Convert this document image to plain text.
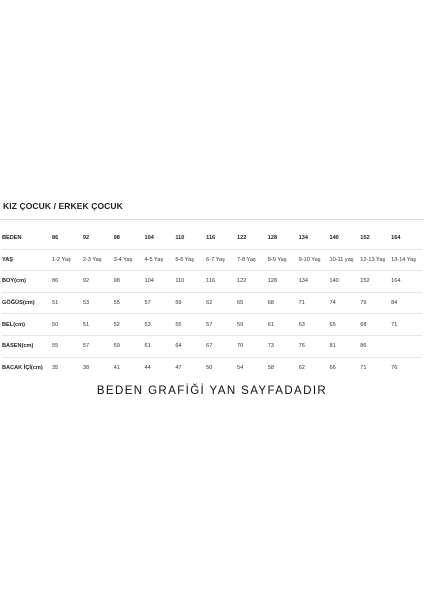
KIZ ÇOCUK / ERKEK ÇOCUK
BEDEN	86	92	98	104	110	116	122	128	134	140	152	164
YAŞ	1-2 Yaş	2-3 Yaş	3-4 Yaş	4-5 Yaş	5-6 Yaş	6-7 Yaş	7-8 Yaş	8-9 Yaş	9-10 Yaş	10-11 yaş	12-13 Yaş	13-14 Yaş
BOY(cm)	86	92	98	104	110	116	122	128	134	140	152	164
GÖĞÜS(cm)	51	53	55	57	59	62	65	68	71	74	79	84
BEL(cm)	50	51	52	53	55	57	59	61	63	65	68	71
BASEN(cm)	55	57	59	61	64	67	70	73	76	81	86	
BACAK İÇİ(cm)	35	38	41	44	47	50	54	58	62	66	71	76
BEDEN GRAFİĞİ YAN SAYFADADIR
